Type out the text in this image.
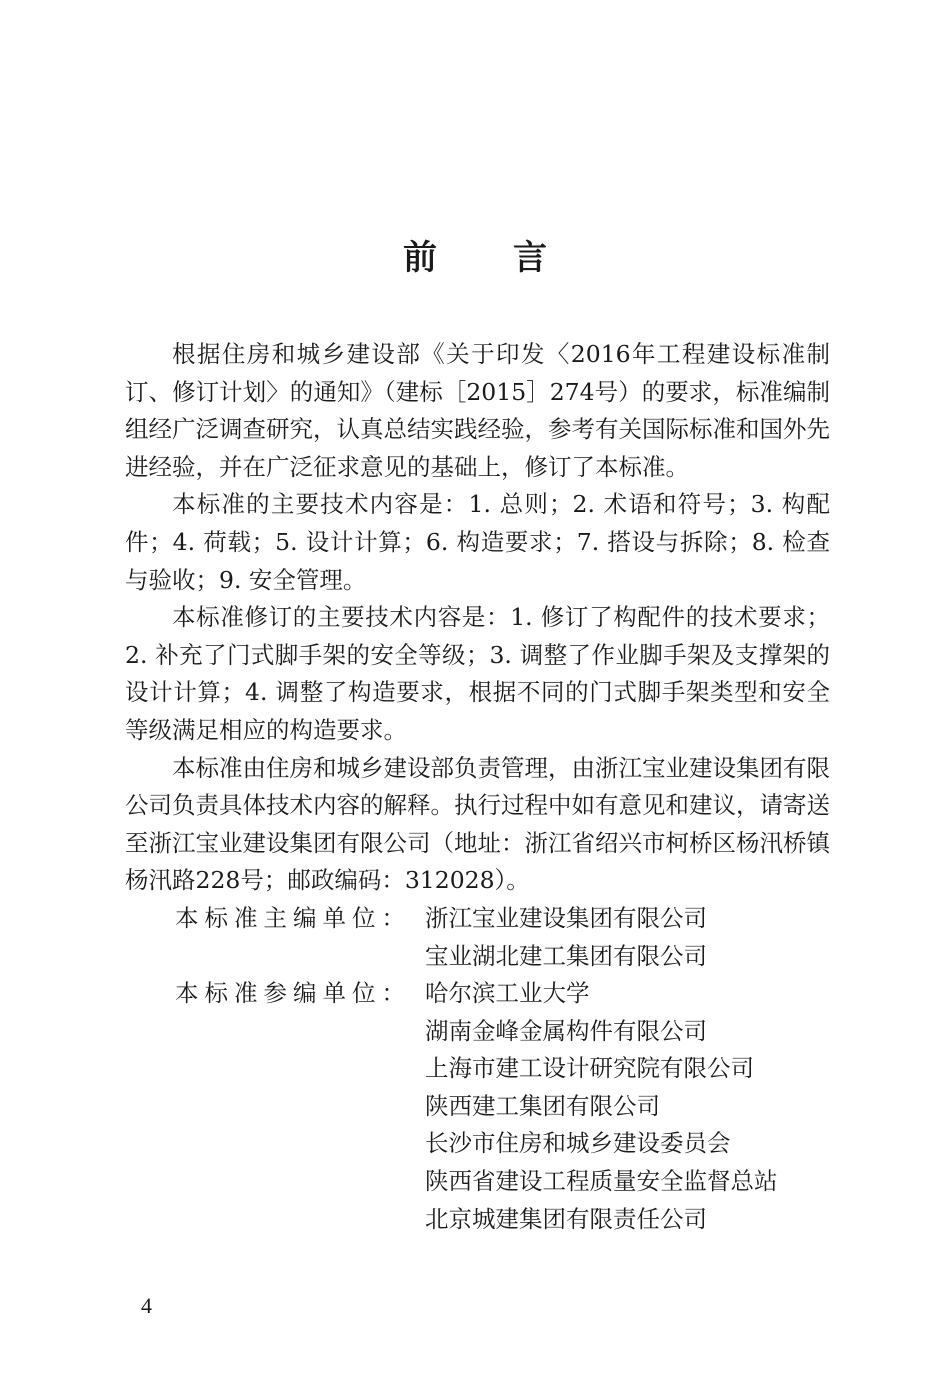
前 言

根据住房和城乡建设部《关于印发〈2016年工程建设标准制订、修订计划〉的通知》（建标［2015］274号）的要求，标准编制组经广泛调查研究，认真总结实践经验，参考有关国际标准和国外先进经验，并在广泛征求意见的基础上，修订了本标准。

本标准的主要技术内容是：1. 总则；2. 术语和符号；3. 构配件；4. 荷载；5. 设计计算；6. 构造要求；7. 搭设与拆除；8. 检查与验收；9. 安全管理。

本标准修订的主要技术内容是：1. 修订了构配件的技术要求；2. 补充了门式脚手架的安全等级；3. 调整了作业脚手架及支撑架的设计计算；4. 调整了构造要求，根据不同的门式脚手架类型和安全等级满足相应的构造要求。

本标准由住房和城乡建设部负责管理，由浙江宝业建设集团有限公司负责具体技术内容的解释。执行过程中如有意见和建议，请寄送至浙江宝业建设集团有限公司（地址：浙江省绍兴市柯桥区杨汛桥镇杨汛路228号；邮政编码：312028）。

本标准主编单位： 浙江宝业建设集团有限公司
宝业湖北建工集团有限公司
本标准参编单位： 哈尔滨工业大学
湖南金峰金属构件有限公司
上海市建工设计研究院有限公司
陕西建工集团有限公司
长沙市住房和城乡建设委员会
陕西省建设工程质量安全监督总站
北京城建集团有限责任公司
4
